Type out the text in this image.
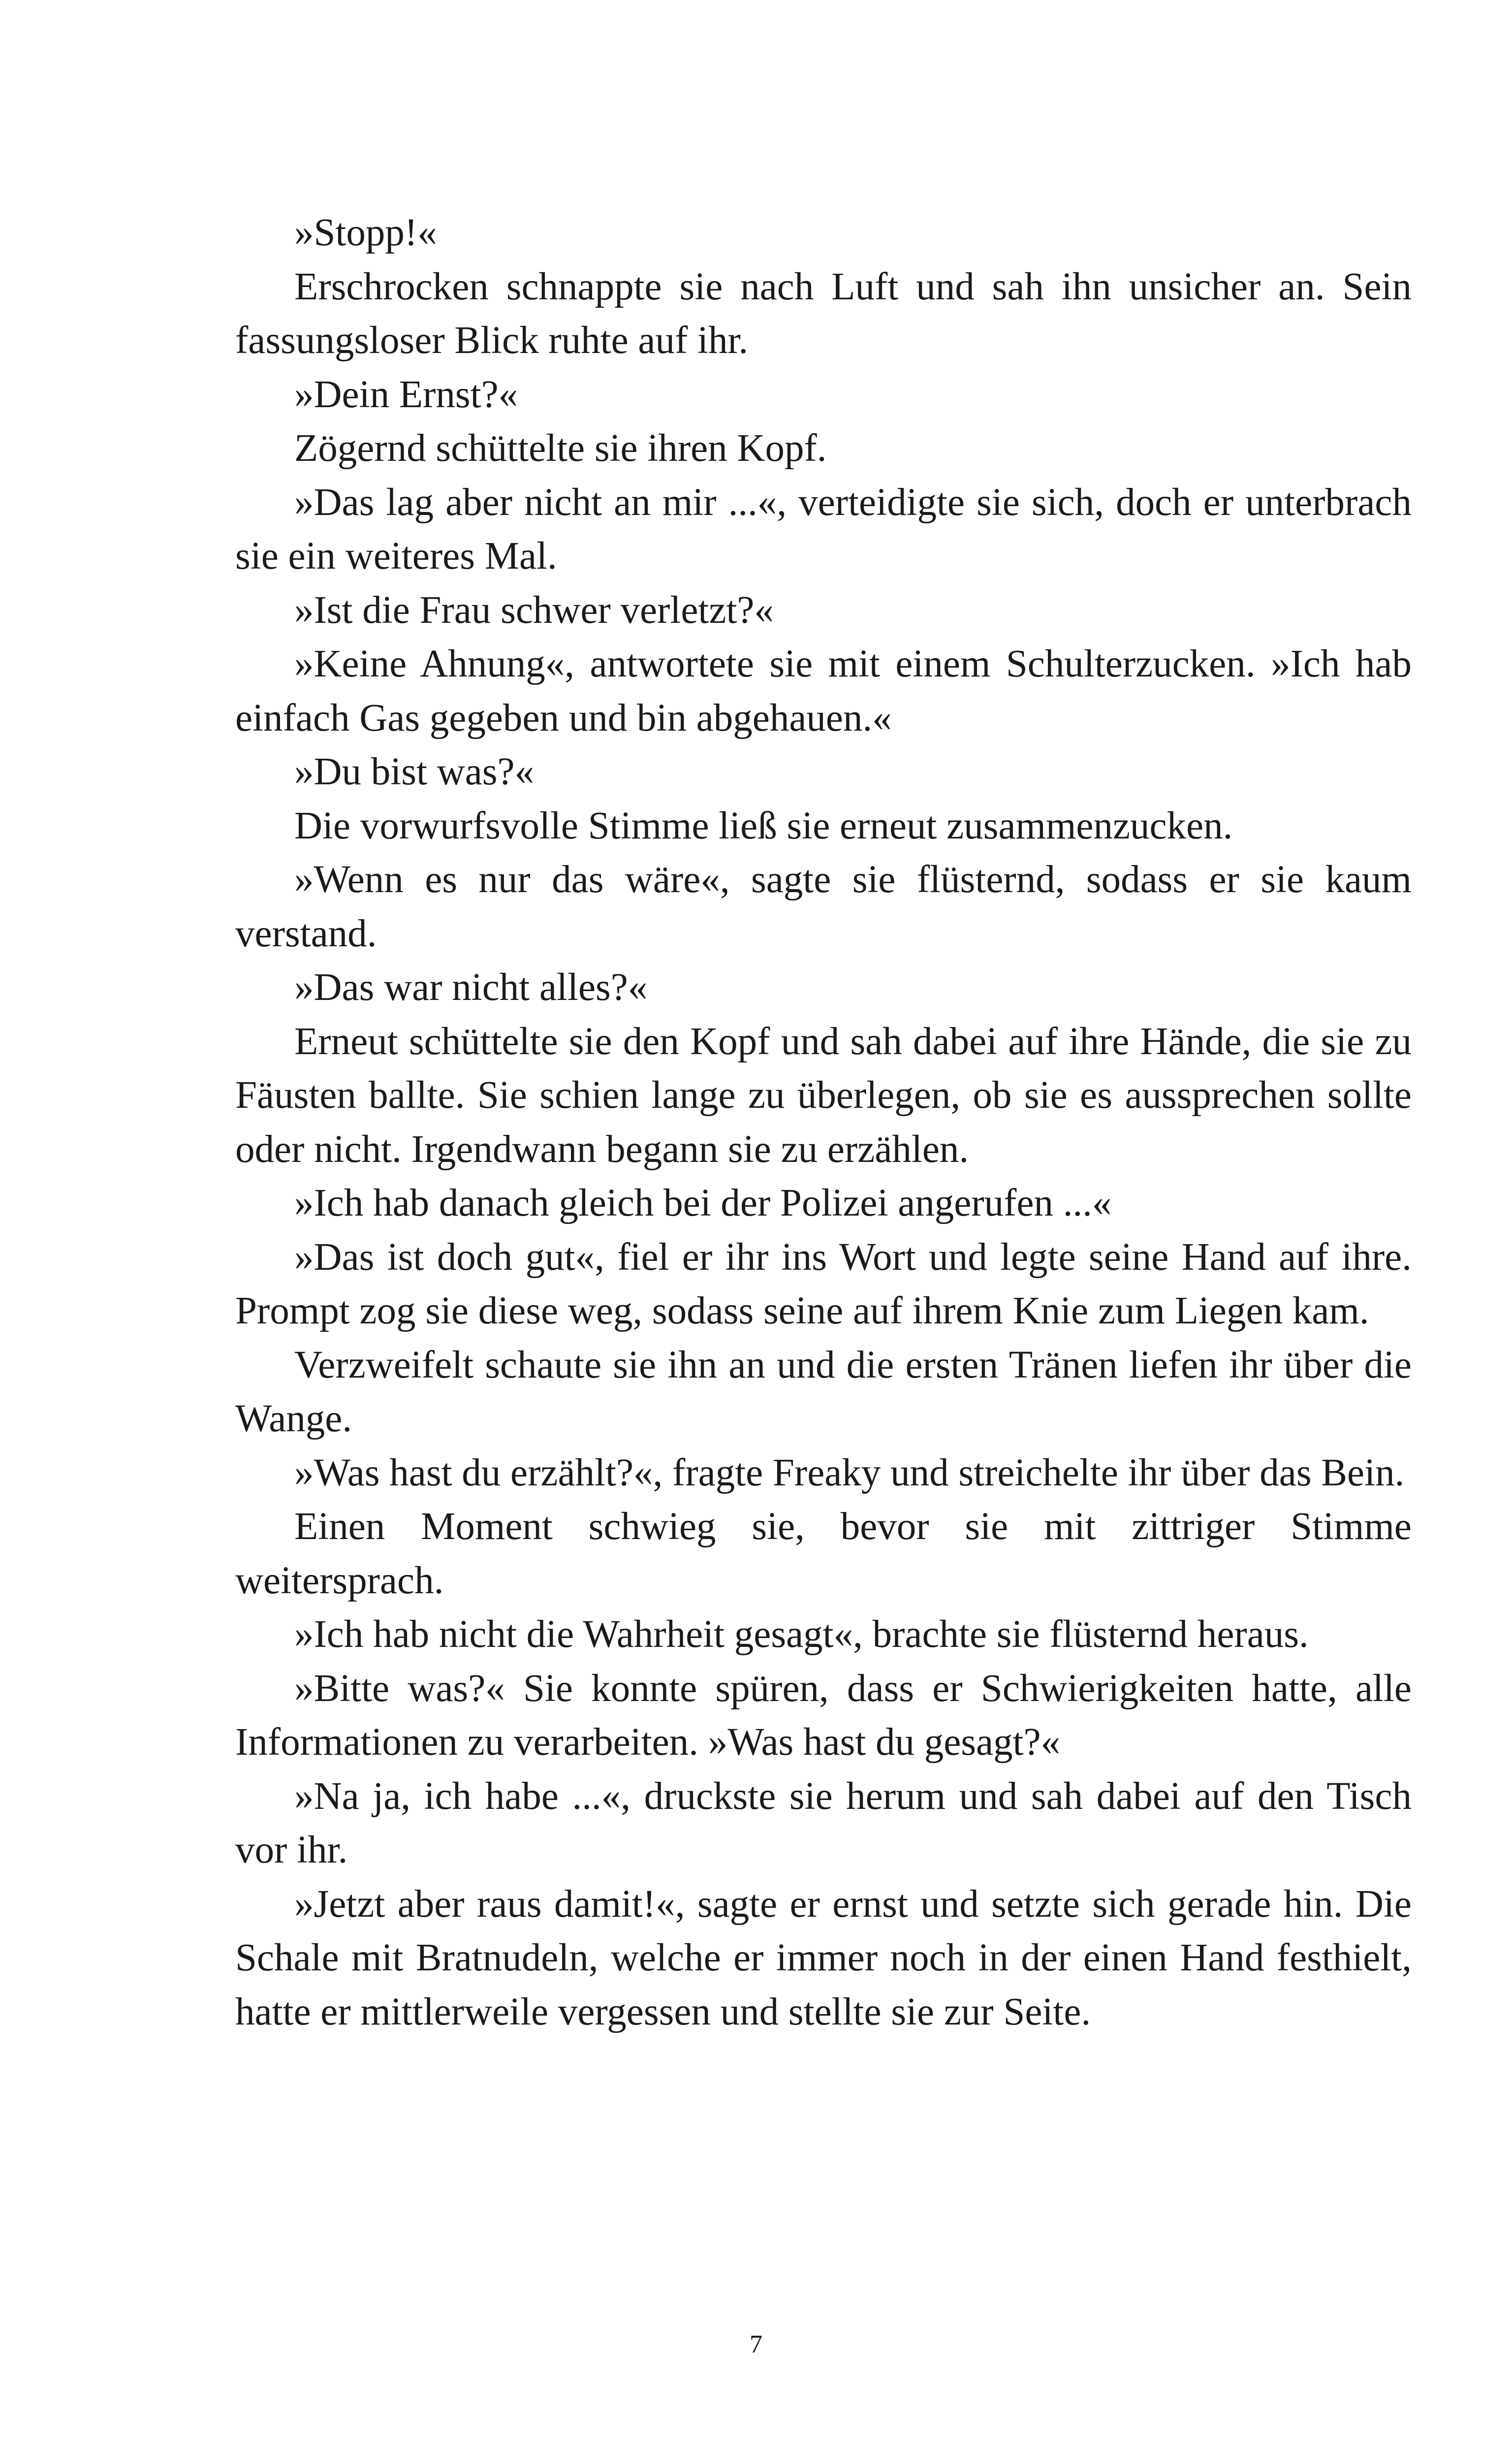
»Stopp!«

Erschrocken schnappte sie nach Luft und sah ihn unsicher an. Sein fassungsloser Blick ruhte auf ihr.

»Dein Ernst?«

Zögernd schüttelte sie ihren Kopf.

»Das lag aber nicht an mir ...«, verteidigte sie sich, doch er unterbrach sie ein weiteres Mal.

»Ist die Frau schwer verletzt?«

»Keine Ahnung«, antwortete sie mit einem Schulterzucken. »Ich hab einfach Gas gegeben und bin abgehauen.«

»Du bist was?«

Die vorwurfsvolle Stimme ließ sie erneut zusammenzucken.

»Wenn es nur das wäre«, sagte sie flüsternd, sodass er sie kaum verstand.

»Das war nicht alles?«

Erneut schüttelte sie den Kopf und sah dabei auf ihre Hände, die sie zu Fäusten ballte. Sie schien lange zu überlegen, ob sie es aussprechen sollte oder nicht. Irgendwann begann sie zu erzählen.

»Ich hab danach gleich bei der Polizei angerufen ...«

»Das ist doch gut«, fiel er ihr ins Wort und legte seine Hand auf ihre. Prompt zog sie diese weg, sodass seine auf ihrem Knie zum Liegen kam.

Verzweifelt schaute sie ihn an und die ersten Tränen liefen ihr über die Wange.

»Was hast du erzählt?«, fragte Freaky und streichelte ihr über das Bein.

Einen Moment schwieg sie, bevor sie mit zittriger Stimme weitersprach.

»Ich hab nicht die Wahrheit gesagt«, brachte sie flüsternd heraus.

»Bitte was?« Sie konnte spüren, dass er Schwierigkeiten hatte, alle Informationen zu verarbeiten. »Was hast du gesagt?«

»Na ja, ich habe ...«, druckste sie herum und sah dabei auf den Tisch vor ihr.

»Jetzt aber raus damit!«, sagte er ernst und setzte sich gerade hin. Die Schale mit Bratnudeln, welche er immer noch in der einen Hand festhielt, hatte er mittlerweile vergessen und stellte sie zur Seite.

7
